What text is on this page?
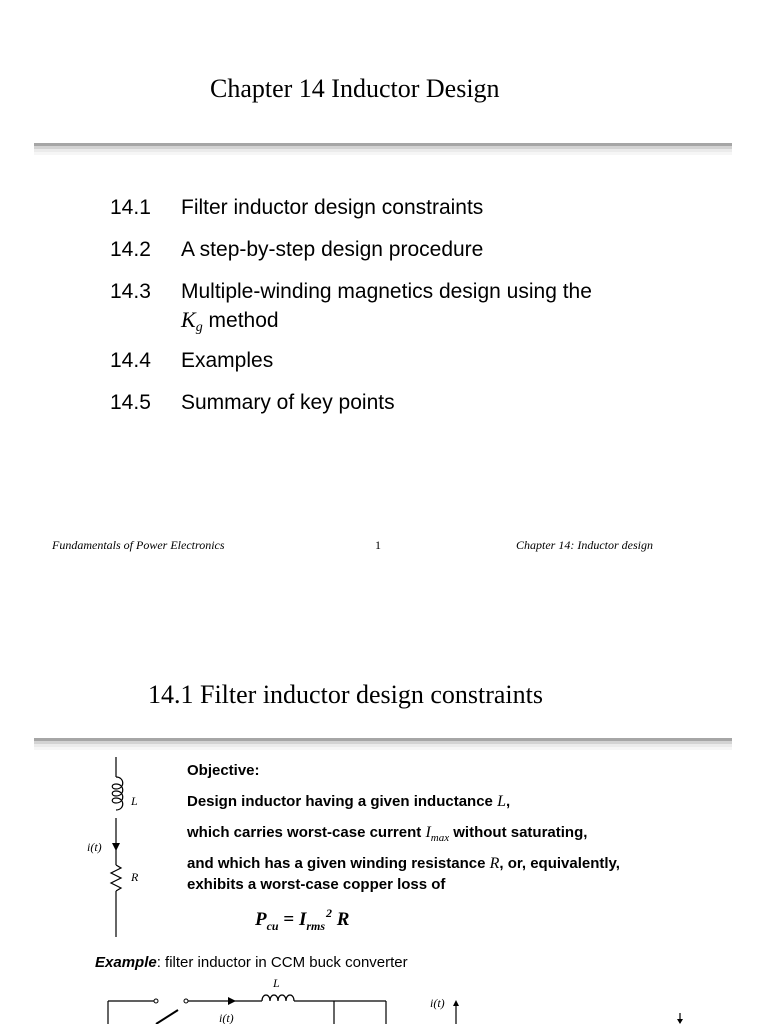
Chapter 14 Inductor Design
14.1 Filter inductor design constraints
14.2 A step-by-step design procedure
14.3 Multiple-winding magnetics design using the
$K_g$ method
14.4 Examples
14.5 Summary of key points
Fundamentals of Power Electronics	1	Chapter 14: Inductor design
14.1 Filter inductor design constraints
L
i(t)
R
Objective:
Design inductor having a given inductance L,
which carries worst-case current $I_{max}$ without saturating,
and which has a given winding resistance R, or, equivalently,
exhibits a worst-case copper loss of
$P_{cu} = I_{rms}^2$ R
Example: filter inductor in CCM buck converter
L
i(t)
i(t)
